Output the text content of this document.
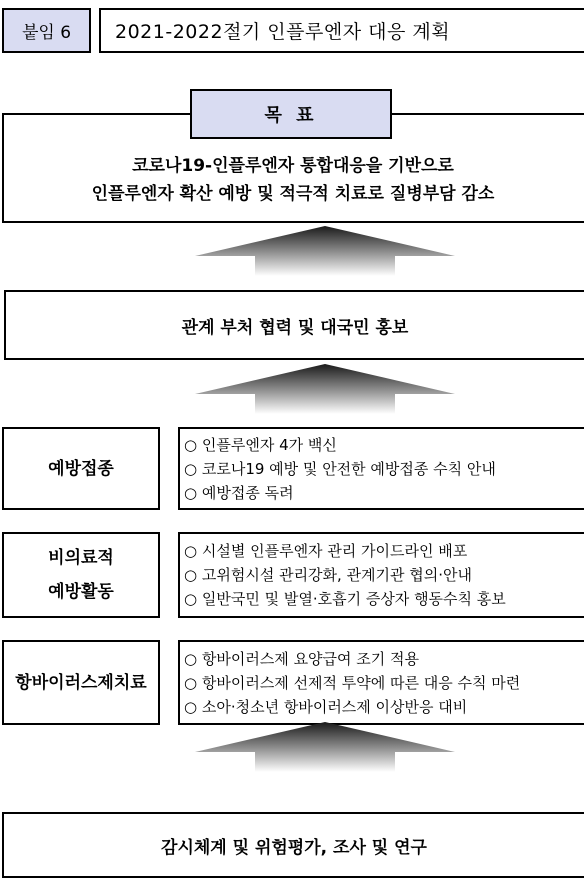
붙임 6	2021-2022절기 인플루엔자 대응 계획
목 표
코로나19-인플루엔자 통합대응을 기반으로
인플루엔자 확산 예방 및 적극적 치료로 질병부담 감소
관계 부처 협력 및 대국민 홍보
예방접종
○ 인플루엔자 4가 백신
○ 코로나19 예방 및 안전한 예방접종 수칙 안내
○ 예방접종 독려
비의료적
예방활동
○ 시설별 인플루엔자 관리 가이드라인 배포
○ 고위험시설 관리강화, 관계기관 협의·안내
○ 일반국민 및 발열·호흡기 증상자 행동수칙 홍보
항바이러스제치료
○ 항바이러스제 요양급여 조기 적용
○ 항바이러스제 선제적 투약에 따른 대응 수칙 마련
○ 소아·청소년 항바이러스제 이상반응 대비
감시체계 및 위험평가, 조사 및 연구
